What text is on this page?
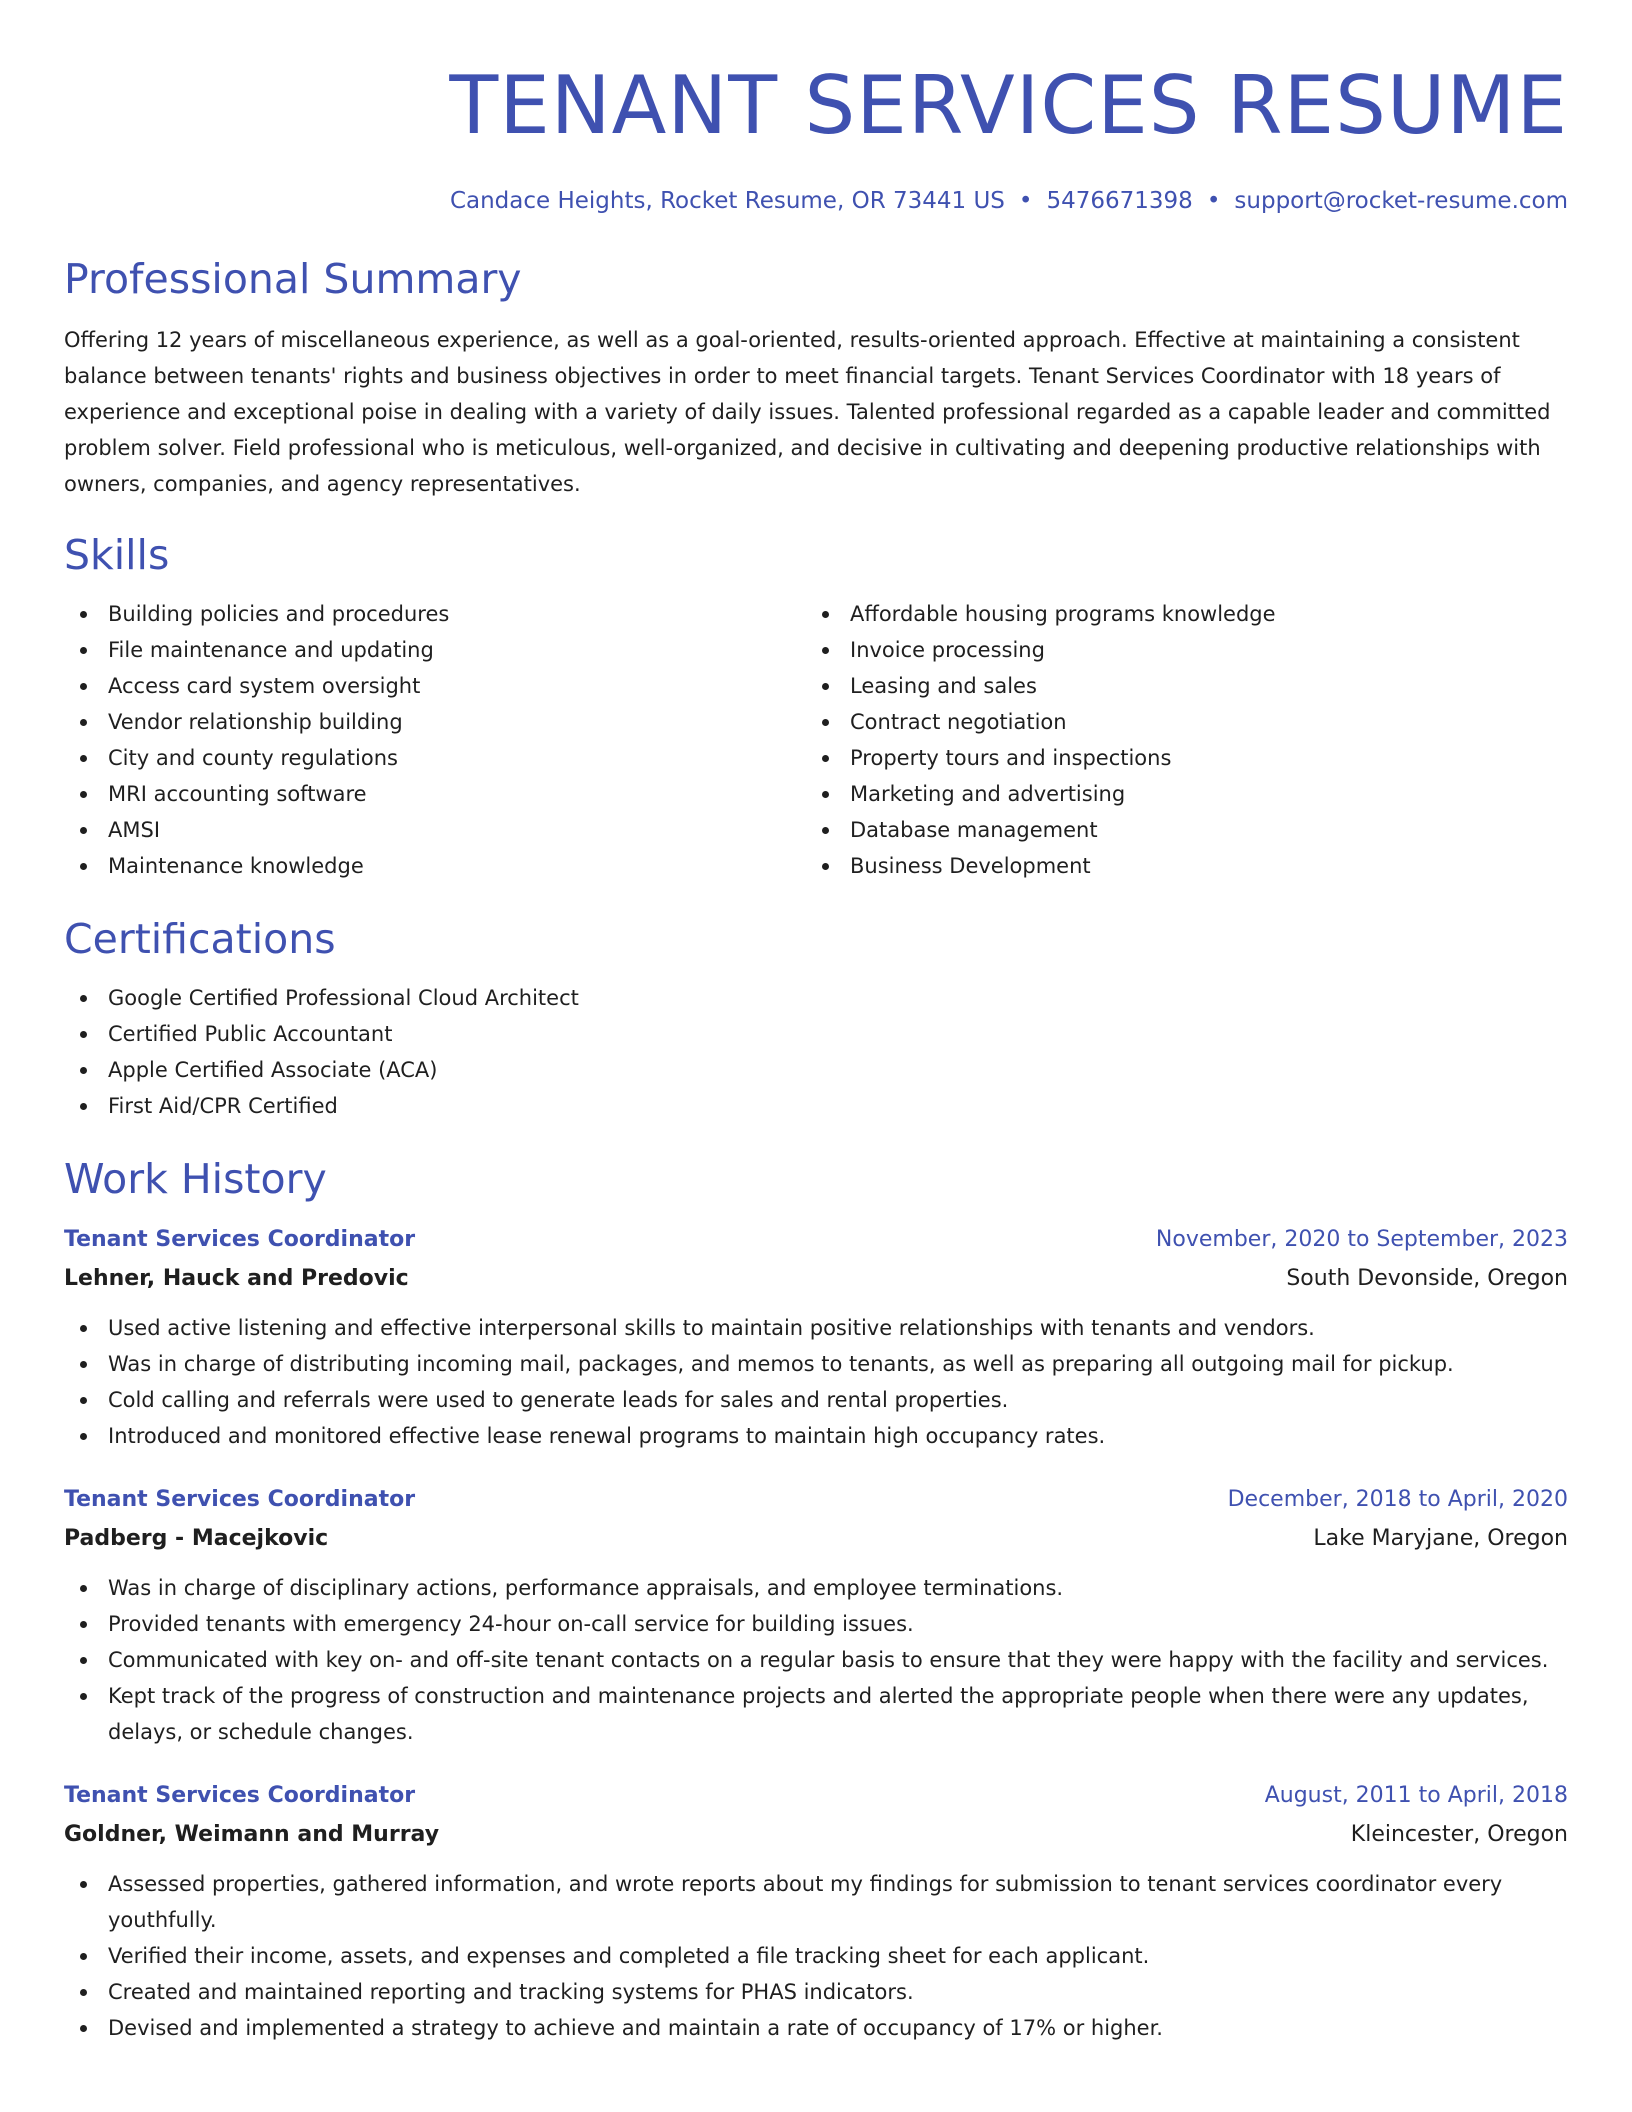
TENANT SERVICES RESUME
Candace Heights, Rocket Resume, OR 73441 US • 5476671398 • support@rocket-resume.com
Professional Summary

Offering 12 years of miscellaneous experience, as well as a goal-oriented, results-oriented approach. Effective at maintaining a consistent balance between tenants' rights and business objectives in order to meet financial targets. Tenant Services Coordinator with 18 years of experience and exceptional poise in dealing with a variety of daily issues. Talented professional regarded as a capable leader and committed problem solver. Field professional who is meticulous, well-organized, and decisive in cultivating and deepening productive relationships with owners, companies, and agency representatives.

Skills
Building policies and procedures
File maintenance and updating
Access card system oversight
Vendor relationship building
City and county regulations
MRI accounting software
AMSI
Maintenance knowledge
Affordable housing programs knowledge
Invoice processing
Leasing and sales
Contract negotiation
Property tours and inspections
Marketing and advertising
Database management
Business Development
Certifications
Google Certified Professional Cloud Architect
Certified Public Accountant
Apple Certified Associate (ACA)
First Aid/CPR Certified
Work History
Tenant Services Coordinator	November, 2020 to September, 2023
Lehner, Hauck and Predovic	South Devonside, Oregon
Used active listening and effective interpersonal skills to maintain positive relationships with tenants and vendors.
Was in charge of distributing incoming mail, packages, and memos to tenants, as well as preparing all outgoing mail for pickup.
Cold calling and referrals were used to generate leads for sales and rental properties.
Introduced and monitored effective lease renewal programs to maintain high occupancy rates.
Tenant Services Coordinator	December, 2018 to April, 2020
Padberg - Macejkovic	Lake Maryjane, Oregon
Was in charge of disciplinary actions, performance appraisals, and employee terminations.
Provided tenants with emergency 24-hour on-call service for building issues.
Communicated with key on- and off-site tenant contacts on a regular basis to ensure that they were happy with the facility and services.
Kept track of the progress of construction and maintenance projects and alerted the appropriate people when there were any updates, delays, or schedule changes.
Tenant Services Coordinator	August, 2011 to April, 2018
Goldner, Weimann and Murray	Kleincester, Oregon
Assessed properties, gathered information, and wrote reports about my findings for submission to tenant services coordinator every youthfully.
Verified their income, assets, and expenses and completed a file tracking sheet for each applicant.
Created and maintained reporting and tracking systems for PHAS indicators.
Devised and implemented a strategy to achieve and maintain a rate of occupancy of 17% or higher.
